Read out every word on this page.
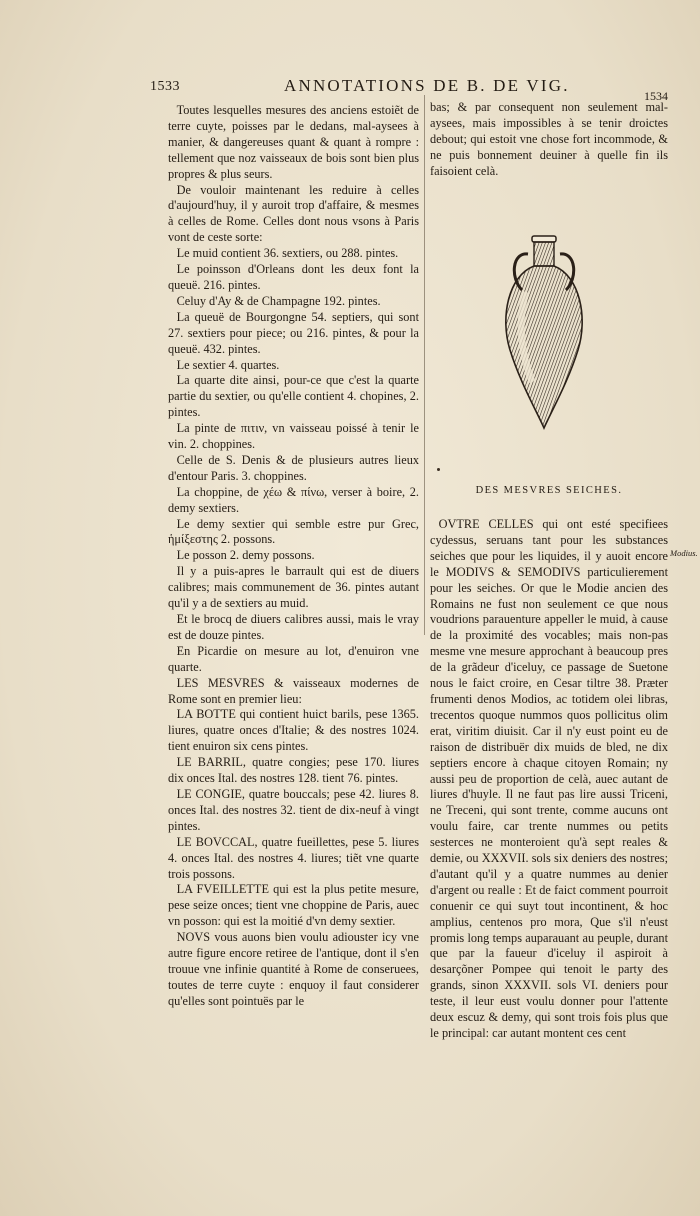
1533	ANNOTATIONS DE B. DE VIG.
1534

Toutes lesquelles mesures des anciens estoiẽt de terre cuyte, poisses par le dedans, mal-aysees à manier, & dangereuses quant & quant à rompre : tellement que noz vaisseaux de bois sont bien plus propres & plus seurs.

De vouloir maintenant les reduire à celles d'aujourd'huy, il y auroit trop d'affaire, & mesmes à celles de Rome. Celles dont nous vsons à Paris vont de ceste sorte:

Le muid contient 36. sextiers, ou 288. pintes.

Le poinsson d'Orleans dont les deux font la queuë. 216. pintes.

Celuy d'Ay & de Champagne 192. pintes.

La queuë de Bourgongne 54. septiers, qui sont 27. sextiers pour piece; ou 216. pintes, & pour la queuë. 432. pintes.

Le sextier 4. quartes.

La quarte dite ainsi, pour-ce que c'est la quarte partie du sextier, ou qu'elle contient 4. chopines, 2. pintes.

La pinte de πιτιν, vn vaisseau poissé à tenir le vin. 2. choppines.

Celle de S. Denis & de plusieurs autres lieux d'entour Paris. 3. choppines.

La choppine, de χέω & πίνω, verser à boire, 2. demy sextiers.

Le demy sextier qui semble estre pur Grec, ἡμίξεστης 2. possons.

Le posson 2. demy possons.

Il y a puis-apres le barrault qui est de diuers calibres; mais communement de 36. pintes autant qu'il y a de sextiers au muid.

Et le brocq de diuers calibres aussi, mais le vray est de douze pintes.

En Picardie on mesure au lot, d'enuiron vne quarte.

LES MESVRES & vaisseaux modernes de Rome sont en premier lieu:

LA BOTTE qui contient huict barils, pese 1365. liures, quatre onces d'Italie; & des nostres 1024. tient enuiron six cens pintes.

LE BARRIL, quatre congies; pese 170. liures dix onces Ital. des nostres 128. tient 76. pintes.

LE CONGIE, quatre bouccals; pese 42. liures 8. onces Ital. des nostres 32. tient de dix-neuf à vingt pintes.

LE BOVCCAL, quatre fueillettes, pese 5. liures 4. onces Ital. des nostres 4. liures; tiẽt vne quarte trois possons.

LA FVEILLETTE qui est la plus petite mesure, pese seize onces; tient vne choppine de Paris, auec vn posson: qui est la moitié d'vn demy sextier.

NOVS vous auons bien voulu adiouster icy vne autre figure encore retiree de l'antique, dont il s'en trouue vne infinie quantité à Rome de conseruees, toutes de terre cuyte : enquoy il faut considerer qu'elles sont pointuës par le

bas; & par consequent non seulement mal-aysees, mais impossibles à se tenir droictes debout; qui estoit vne chose fort incommode, & ne puis bonnement deuiner à quelle fin ils faisoient celà.

DES MESVRES SEICHES.

OVTRE CELLES qui ont esté specifiees cydessus, seruans tant pour les substances seiches que pour les liquides, il y auoit encore le MODIVS & SEMODIVS particulierement pour les seiches. Or que le Modie ancien des Romains ne fust non seulement ce que nous voudrions parauenture appeller le muid, à cause de la proximité des vocables; mais non-pas mesme vne mesure approchant à beaucoup pres de la grãdeur d'iceluy, ce passage de Suetone nous le faict croire, en Cesar tiltre 38. Præter frumenti denos Modios, ac totidem olei libras, trecentos quoque nummos quos pollicitus olim erat, viritim diuisit. Car il n'y eust point eu de raison de distribuër dix muids de bled, ne dix septiers encore à chaque citoyen Romain; ny aussi peu de proportion de celà, auec autant de liures d'huyle. Il ne faut pas lire aussi Triceni, ne Treceni, qui sont trente, comme aucuns ont voulu faire, car trente nummes ou petits sesterces ne monteroient qu'à sept reales & demie, ou XXXVII. sols six deniers des nostres; d'autant qu'il y a quatre nummes au denier d'argent ou realle : Et de faict comment pourroit conuenir ce qui suyt tout incontinent, & hoc amplius, centenos pro mora, Que s'il n'eust promis long temps auparauant au peuple, durant que par la faueur d'iceluy il aspiroit à desarçõner Pompee qui tenoit le party des grands, sinon XXXVII. sols VI. deniers pour teste, il leur eust voulu donner pour l'attente deux escuz & demy, qui sont trois fois plus que le principal: car autant montent ces cent

Modius.
